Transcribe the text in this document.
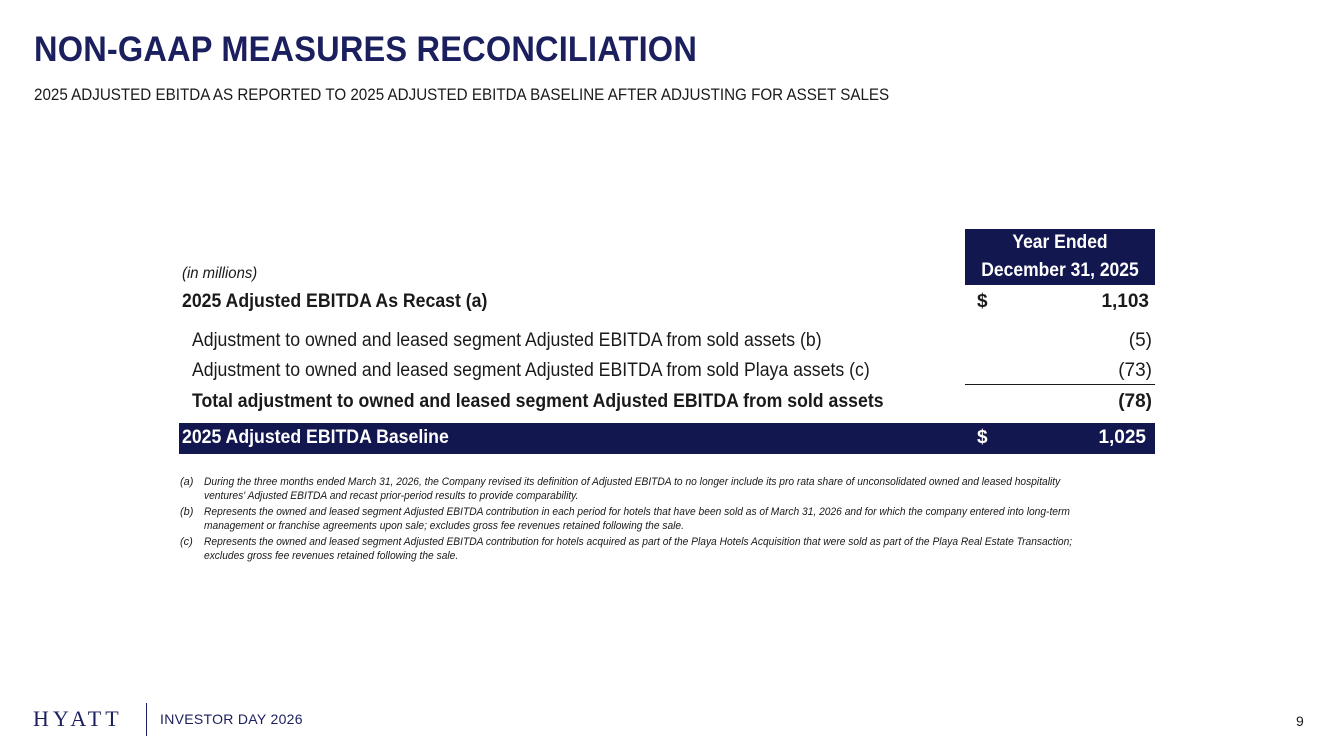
NON-GAAP MEASURES RECONCILIATION

2025 ADJUSTED EBITDA AS REPORTED TO 2025 ADJUSTED EBITDA BASELINE AFTER ADJUSTING FOR ASSET SALES

Year Ended
December 31, 2025
(in millions)
2025 Adjusted EBITDA As Recast (a)	$	1,103
Adjustment to owned and leased segment Adjusted EBITDA from sold assets (b)	(5)
Adjustment to owned and leased segment Adjusted EBITDA from sold Playa assets (c)	(73)
Total adjustment to owned and leased segment Adjusted EBITDA from sold assets	(78)
2025 Adjusted EBITDA Baseline	$	1,025
(a) During the three months ended March 31, 2026, the Company revised its definition of Adjusted EBITDA to no longer include its pro rata share of unconsolidated owned and leased hospitality ventures' Adjusted EBITDA and recast prior-period results to provide comparability.
(b) Represents the owned and leased segment Adjusted EBITDA contribution in each period for hotels that have been sold as of March 31, 2026 and for which the company entered into long-term management or franchise agreements upon sale; excludes gross fee revenues retained following the sale.
(c)	Represents the owned and leased segment Adjusted EBITDA contribution for hotels acquired as part of the Playa Hotels Acquisition that were sold as part of the Playa Real Estate Transaction; excludes gross fee revenues retained following the sale.
HYATT	INVESTOR DAY 2026	9
